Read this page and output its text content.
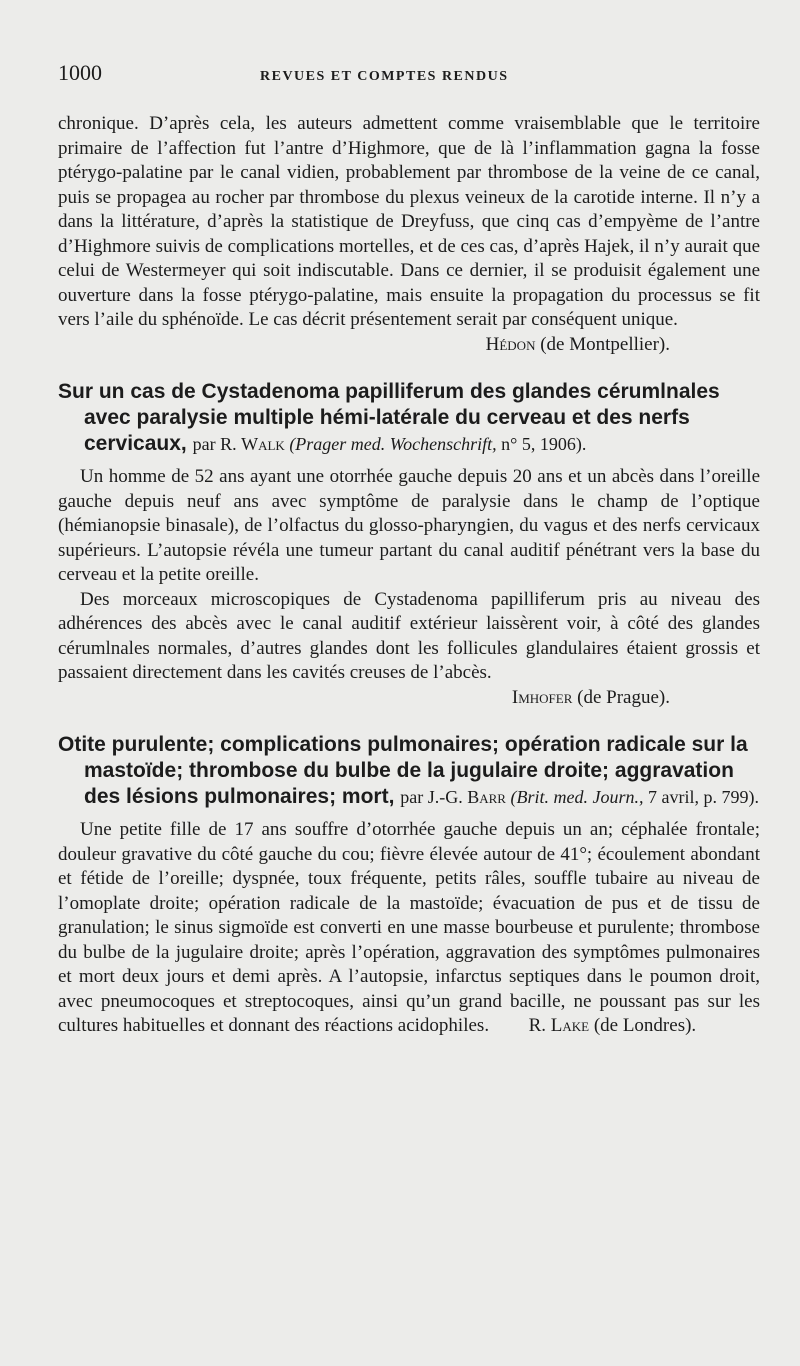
1000	REVUES ET COMPTES RENDUS

chronique. D’après cela, les auteurs admettent comme vraisemblable que le territoire primaire de l’affection fut l’antre d’Highmore, que de là l’inflammation gagna la fosse ptérygo-palatine par le canal vidien, probablement par thrombose de la veine de ce canal, puis se propagea au rocher par thrombose du plexus veineux de la carotide interne. Il n’y a dans la littérature, d’après la statistique de Dreyfuss, que cinq cas d’empyème de l’antre d’Highmore suivis de complications mortelles, et de ces cas, d’après Hajek, il n’y aurait que celui de Westermeyer qui soit indiscutable. Dans ce dernier, il se produisit également une ouverture dans la fosse ptérygo-palatine, mais ensuite la propagation du processus se fit vers l’aile du sphénoïde. Le cas décrit présentement serait par conséquent unique.

Hédon (de Montpellier).

Sur un cas de Cystadenoma papilliferum des glandes cérumlnales avec paralysie multiple hémi-latérale du cerveau et des nerfs cervicaux, par R. Walk (Prager med. Wochenschrift, n° 5, 1906).

Un homme de 52 ans ayant une otorrhée gauche depuis 20 ans et un abcès dans l’oreille gauche depuis neuf ans avec symptôme de paralysie dans le champ de l’optique (hémianopsie binasale), de l’olfactus du glosso-pharyngien, du vagus et des nerfs cervicaux supérieurs. L’autopsie révéla une tumeur partant du canal auditif pénétrant vers la base du cerveau et la petite oreille.

Des morceaux microscopiques de Cystadenoma papilliferum pris au niveau des adhérences des abcès avec le canal auditif extérieur laissèrent voir, à côté des glandes cérumlnales normales, d’autres glandes dont les follicules glandulaires étaient grossis et passaient directement dans les cavités creuses de l’abcès.

Imhofer (de Prague).

Otite purulente; complications pulmonaires; opération radicale sur la mastoïde; thrombose du bulbe de la jugulaire droite; aggravation des lésions pulmonaires; mort, par J.-G. Barr (Brit. med. Journ., 7 avril, p. 799).

Une petite fille de 17 ans souffre d’otorrhée gauche depuis un an; céphalée frontale; douleur gravative du côté gauche du cou; fièvre élevée autour de 41°; écoulement abondant et fétide de l’oreille; dyspnée, toux fréquente, petits râles, souffle tubaire au niveau de l’omoplate droite; opération radicale de la mastoïde; évacuation de pus et de tissu de granulation; le sinus sigmoïde est converti en une masse bourbeuse et purulente; thrombose du bulbe de la jugulaire droite; après l’opération, aggravation des symptômes pulmonaires et mort deux jours et demi après. A l’autopsie, infarctus septiques dans le poumon droit, avec pneumocoques et streptocoques, ainsi qu’un grand bacille, ne poussant pas sur les cultures habituelles et donnant des réactions acidophiles. R. Lake (de Londres).
